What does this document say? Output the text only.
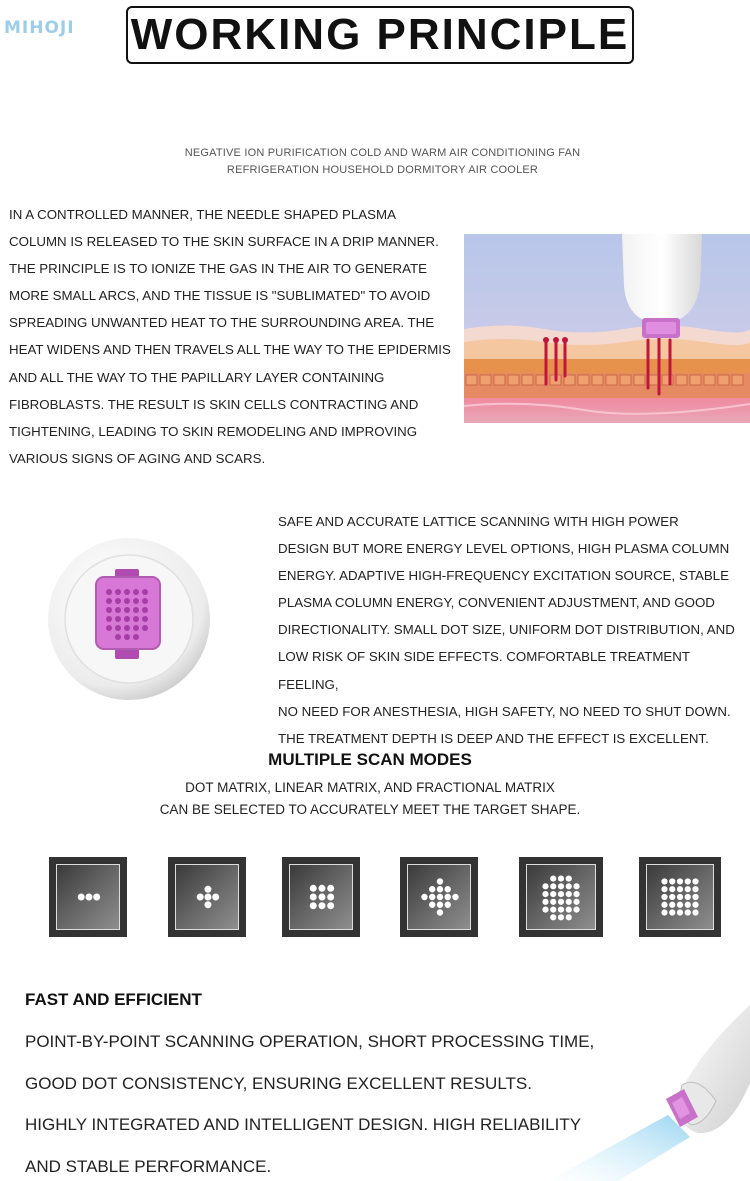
MIHOJI WORKING PRINCIPLE
NEGATIVE ION PURIFICATION COLD AND WARM AIR CONDITIONING FAN
REFRIGERATION HOUSEHOLD DORMITORY AIR COOLER
IN A CONTROLLED MANNER, THE NEEDLE SHAPED PLASMA
COLUMN IS RELEASED TO THE SKIN SURFACE IN A DRIP MANNER.
THE PRINCIPLE IS TO IONIZE THE GAS IN THE AIR TO GENERATE
MORE SMALL ARCS, AND THE TISSUE IS "SUBLIMATED" TO AVOID
SPREADING UNWANTED HEAT TO THE SURROUNDING AREA. THE
HEAT WIDENS AND THEN TRAVELS ALL THE WAY TO THE EPIDERMIS
AND ALL THE WAY TO THE PAPILLARY LAYER CONTAINING
FIBROBLASTS. THE RESULT IS SKIN CELLS CONTRACTING AND
TIGHTENING, LEADING TO SKIN REMODELING AND IMPROVING
VARIOUS SIGNS OF AGING AND SCARS.
SAFE AND ACCURATE LATTICE SCANNING WITH HIGH POWER
DESIGN BUT MORE ENERGY LEVEL OPTIONS, HIGH PLASMA COLUMN
ENERGY. ADAPTIVE HIGH-FREQUENCY EXCITATION SOURCE, STABLE
PLASMA COLUMN ENERGY, CONVENIENT ADJUSTMENT, AND GOOD
DIRECTIONALITY. SMALL DOT SIZE, UNIFORM DOT DISTRIBUTION, AND
LOW RISK OF SKIN SIDE EFFECTS. COMFORTABLE TREATMENT FEELING,
NO NEED FOR ANESTHESIA, HIGH SAFETY, NO NEED TO SHUT DOWN.
THE TREATMENT DEPTH IS DEEP AND THE EFFECT IS EXCELLENT.
MULTIPLE SCAN MODES
DOT MATRIX, LINEAR MATRIX, AND FRACTIONAL MATRIX
CAN BE SELECTED TO ACCURATELY MEET THE TARGET SHAPE.
FAST AND EFFICIENT
POINT-BY-POINT SCANNING OPERATION, SHORT PROCESSING TIME,
GOOD DOT CONSISTENCY, ENSURING EXCELLENT RESULTS.
HIGHLY INTEGRATED AND INTELLIGENT DESIGN. HIGH RELIABILITY
AND STABLE PERFORMANCE.
